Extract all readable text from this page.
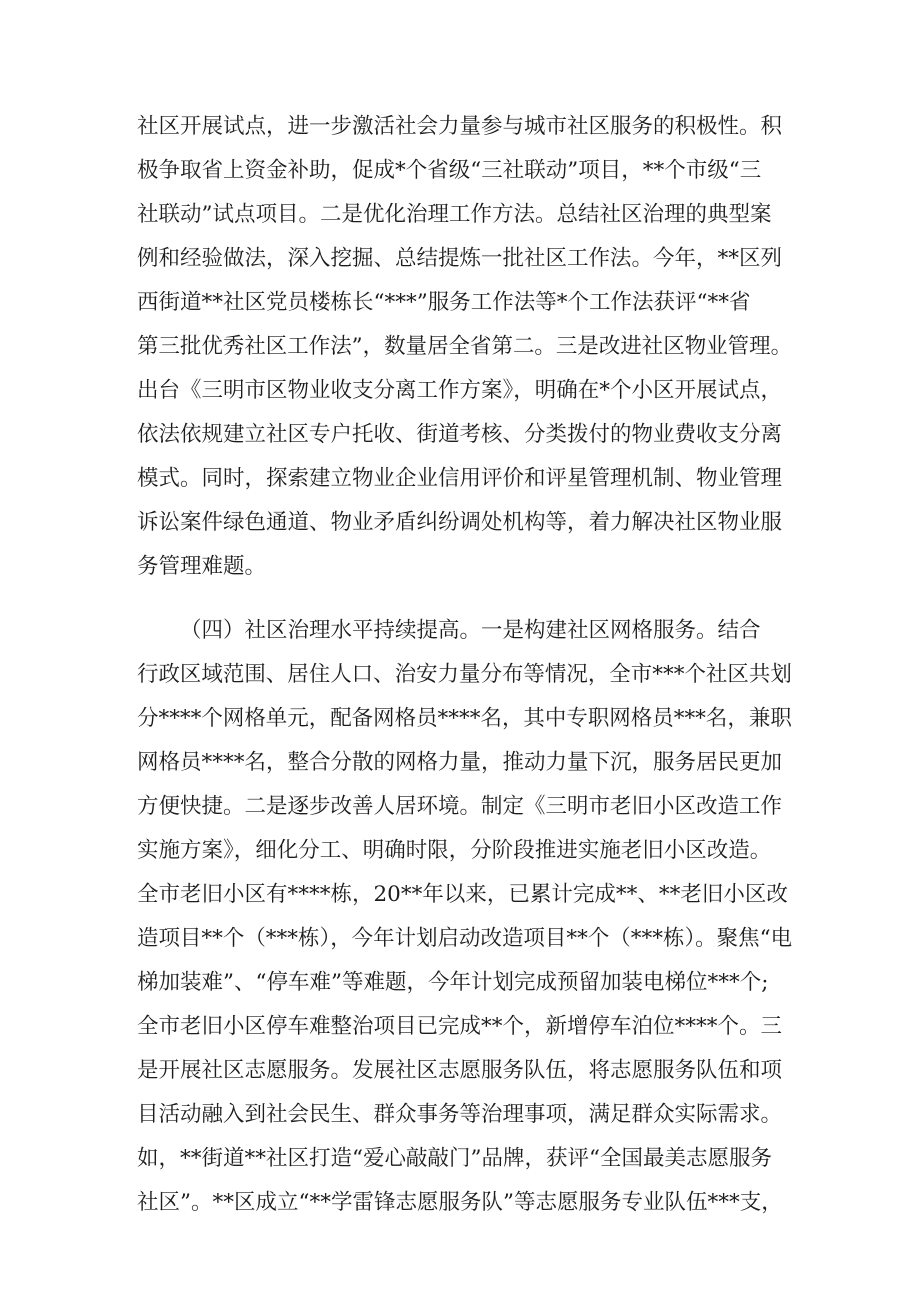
社区开展试点，进一步激活社会力量参与城市社区服务的积极性。积
极争取省上资金补助，促成*个省级“三社联动”项目，**个市级“三
社联动”试点项目。二是优化治理工作方法。总结社区治理的典型案
例和经验做法，深入挖掘、总结提炼一批社区工作法。今年，**区列
西街道**社区党员楼栋长“***”服务工作法等*个工作法获评“**省
第三批优秀社区工作法”，数量居全省第二。三是改进社区物业管理。
出台《三明市区物业收支分离工作方案》，明确在*个小区开展试点，
依法依规建立社区专户托收、街道考核、分类拨付的物业费收支分离
模式。同时，探索建立物业企业信用评价和评星管理机制、物业管理
诉讼案件绿色通道、物业矛盾纠纷调处机构等，着力解决社区物业服
务管理难题。
（四）社区治理水平持续提高。一是构建社区网格服务。结合
行政区域范围、居住人口、治安力量分布等情况，全市***个社区共划
分****个网格单元，配备网格员****名，其中专职网格员***名，兼职
网格员****名，整合分散的网格力量，推动力量下沉，服务居民更加
方便快捷。二是逐步改善人居环境。制定《三明市老旧小区改造工作
实施方案》，细化分工、明确时限，分阶段推进实施老旧小区改造。
全市老旧小区有****栋，20**年以来，已累计完成**、**老旧小区改
造项目**个（***栋），今年计划启动改造项目**个（***栋）。聚焦“电
梯加装难”、“停车难”等难题，今年计划完成预留加装电梯位***个;
全市老旧小区停车难整治项目已完成**个，新增停车泊位****个。三
是开展社区志愿服务。发展社区志愿服务队伍，将志愿服务队伍和项
目活动融入到社会民生、群众事务等治理事项，满足群众实际需求。
如，**街道**社区打造“爱心敲敲门”品牌，获评“全国最美志愿服务
社区”。**区成立“**学雷锋志愿服务队”等志愿服务专业队伍***支，
